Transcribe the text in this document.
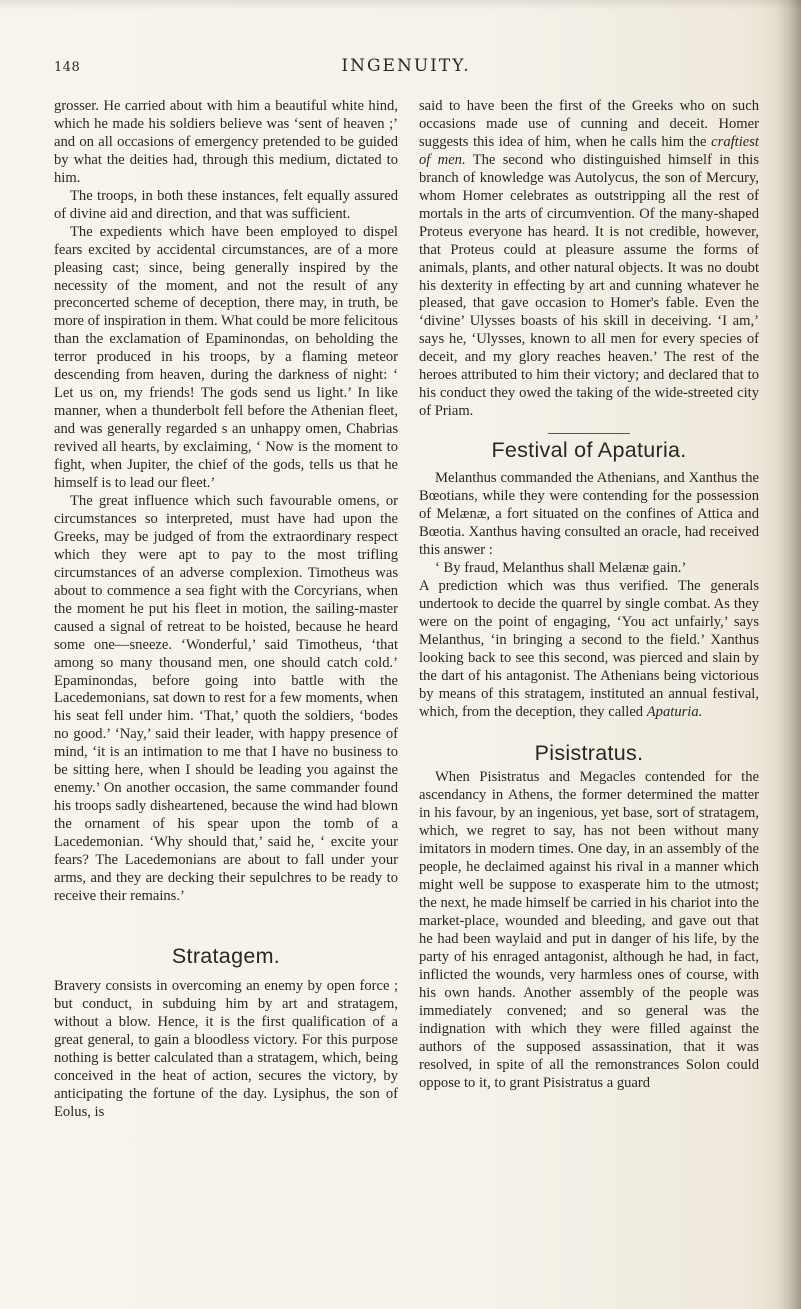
148	INGENUITY.

grosser. He carried about with him a beautiful white hind, which he made his soldiers believe was ‘sent of heaven ;’ and on all occasions of emergency pretended to be guided by what the deities had, through this medium, dictated to him.

The troops, in both these instances, felt equally assured of divine aid and direction, and that was sufficient.

The expedients which have been employed to dispel fears excited by accidental circumstances, are of a more pleasing cast; since, being generally inspired by the necessity of the moment, and not the result of any preconcerted scheme of deception, there may, in truth, be more of inspiration in them. What could be more felicitous than the exclamation of Epaminondas, on beholding the terror produced in his troops, by a flaming meteor descending from heaven, during the darkness of night: ‘ Let us on, my friends! The gods send us light.’ In like manner, when a thunderbolt fell before the Athenian fleet, and was generally regarded s an unhappy omen, Chabrias revived all hearts, by exclaiming, ‘ Now is the moment to fight, when Jupiter, the chief of the gods, tells us that he himself is to lead our fleet.’

The great influence which such favourable omens, or circumstances so interpreted, must have had upon the Greeks, may be judged of from the extraordinary respect which they were apt to pay to the most trifling circumstances of an adverse complexion. Timotheus was about to commence a sea fight with the Corcyrians, when the moment he put his fleet in motion, the sailing-master caused a signal of retreat to be hoisted, because he heard some one—sneeze. ‘Wonderful,’ said Timotheus, ‘that among so many thousand men, one should catch cold.’ Epaminondas, before going into battle with the Lacedemonians, sat down to rest for a few moments, when his seat fell under him. ‘That,’ quoth the soldiers, ‘bodes no good.’ ‘Nay,’ said their leader, with happy presence of mind, ‘it is an intimation to me that I have no business to be sitting here, when I should be leading you against the enemy.’ On another occasion, the same commander found his troops sadly disheartened, because the wind had blown the ornament of his spear upon the tomb of a Lacedemonian. ‘Why should that,’ said he, ‘ excite your fears? The Lacedemonians are about to fall under your arms, and they are decking their sepulchres to be ready to receive their remains.’

Stratagem.

Bravery consists in overcoming an enemy by open force ; but conduct, in subduing him by art and stratagem, without a blow. Hence, it is the first qualification of a great general, to gain a bloodless victory. For this purpose nothing is better calculated than a stratagem, which, being conceived in the heat of action, secures the victory, by anticipating the fortune of the day. Lysiphus, the son of Eolus, is

said to have been the first of the Greeks who on such occasions made use of cunning and deceit. Homer suggests this idea of him, when he calls him the craftiest of men. The second who distinguished himself in this branch of knowledge was Autolycus, the son of Mercury, whom Homer celebrates as outstripping all the rest of mortals in the arts of circumvention. Of the many-shaped Proteus everyone has heard. It is not credible, however, that Proteus could at pleasure assume the forms of animals, plants, and other natural objects. It was no doubt his dexterity in effecting by art and cunning whatever he pleased, that gave occasion to Homer's fable. Even the ‘divine’ Ulysses boasts of his skill in deceiving. ‘I am,’ says he, ‘Ulysses, known to all men for every species of deceit, and my glory reaches heaven.’ The rest of the heroes attributed to him their victory; and declared that to his conduct they owed the taking of the wide-streeted city of Priam.

Festival of Apaturia.

Melanthus commanded the Athenians, and Xanthus the Bœotians, while they were contending for the possession of Melænæ, a fort situated on the confines of Attica and Bœotia. Xanthus having consulted an oracle, had received this answer :

‘ By fraud, Melanthus shall Melænæ gain.’

A prediction which was thus verified. The generals undertook to decide the quarrel by single combat. As they were on the point of engaging, ‘You act unfairly,’ says Melanthus, ‘in bringing a second to the field.’ Xanthus looking back to see this second, was pierced and slain by the dart of his antagonist. The Athenians being victorious by means of this stratagem, instituted an annual festival, which, from the deception, they called Apaturia.

Pisistratus.

When Pisistratus and Megacles contended for the ascendancy in Athens, the former determined the matter in his favour, by an ingenious, yet base, sort of stratagem, which, we regret to say, has not been without many imitators in modern times. One day, in an assembly of the people, he declaimed against his rival in a manner which might well be suppose to exasperate him to the utmost; the next, he made himself be carried in his chariot into the market-place, wounded and bleeding, and gave out that he had been waylaid and put in danger of his life, by the party of his enraged antagonist, although he had, in fact, inflicted the wounds, very harmless ones of course, with his own hands. Another assembly of the people was immediately convened; and so general was the indignation with which they were filled against the authors of the supposed assassination, that it was resolved, in spite of all the remonstrances Solon could oppose to it, to grant Pisistratus a guard
